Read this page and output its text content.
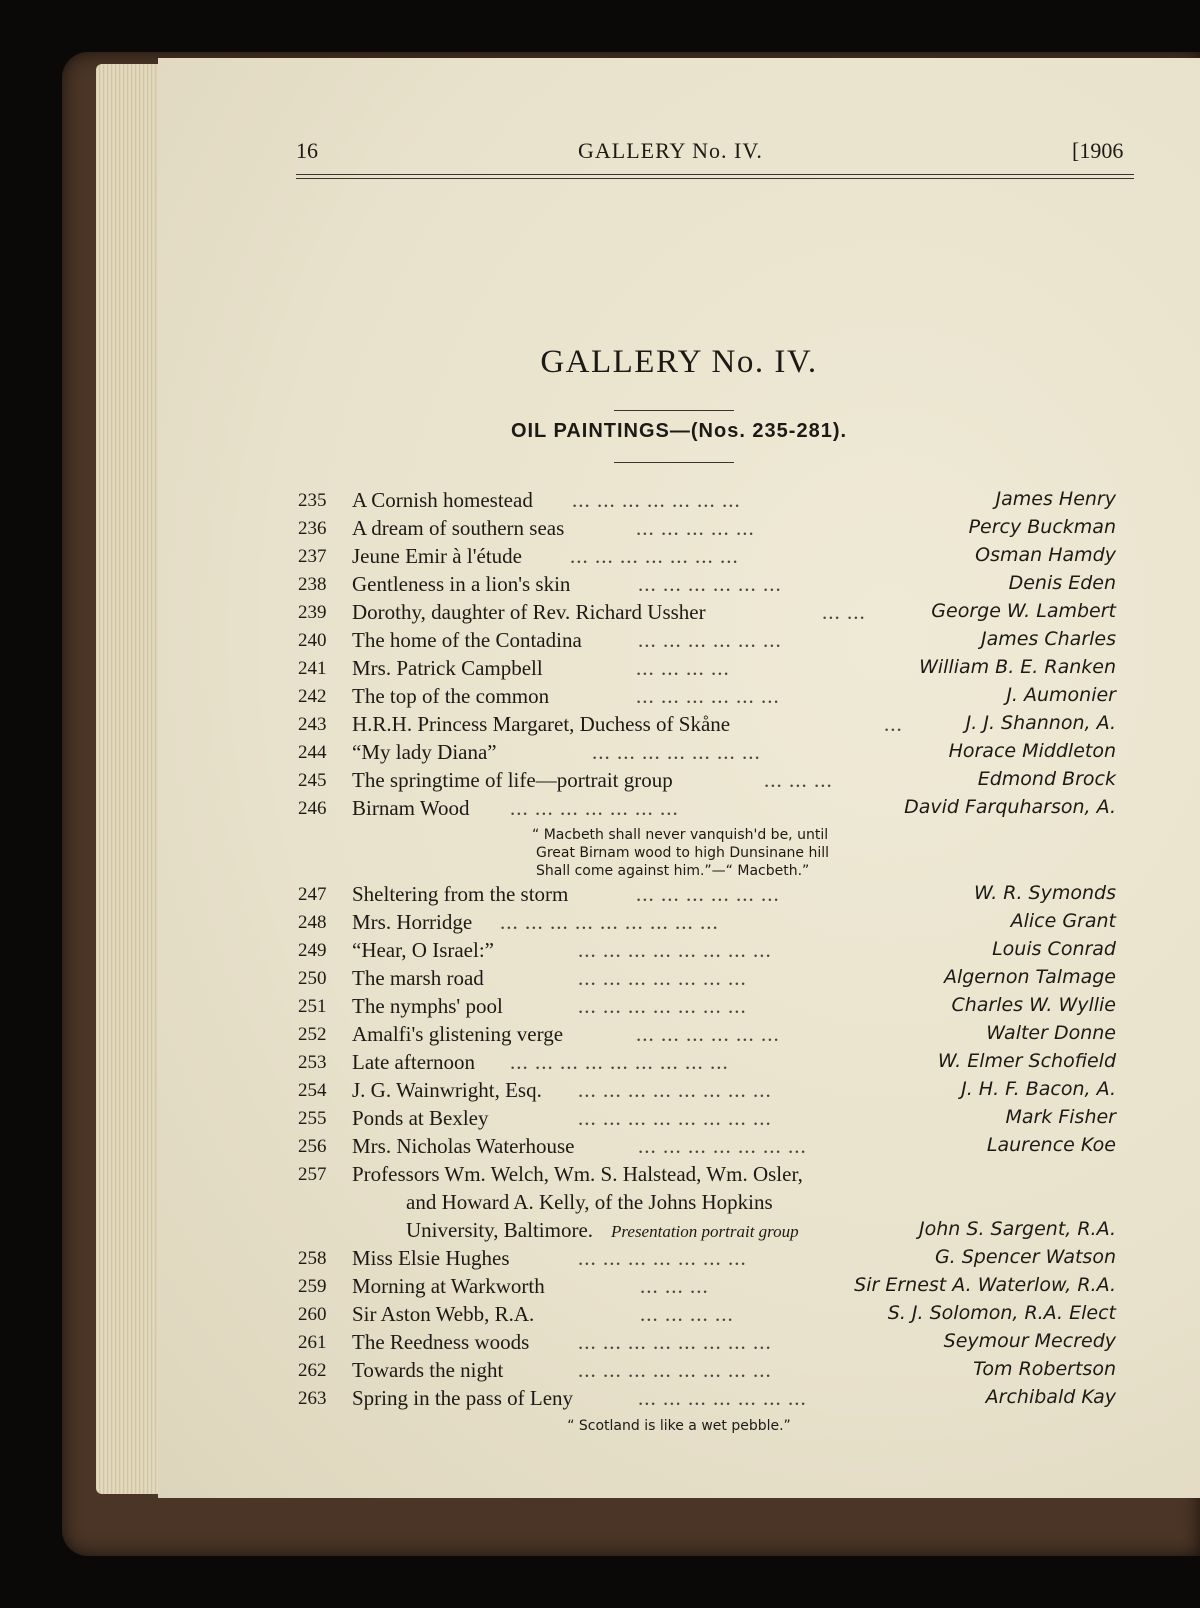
16	GALLERY No. IV.	[1906
GALLERY No. IV.
OIL PAINTINGS—(Nos. 235-281).
235 A Cornish homestead ... ... ... ... ... ... ...	James Henry
236 A dream of southern seas	... ... ... ... ...	Percy Buckman
237 Jeune Emir à l'étude ... ... ... ... ... ... ...	Osman Hamdy
238 Gentleness in a lion's skin	... ... ... ... ... ...	Denis Eden
239 Dorothy, daughter of Rev. Richard Ussher	... ...	George W. Lambert
240 The home of the Contadina	... ... ... ... ... ...	James Charles
241 Mrs. Patrick Campbell	... ... ... ...	William B. E. Ranken
242 The top of the common	... ... ... ... ... ...	J. Aumonier
243 H.R.H. Princess Margaret, Duchess of Skåne	...	J. J. Shannon, A.
244 “My lady Diana”	... ... ... ... ... ... ...	Horace Middleton
245 The springtime of life—portrait group	... ... ...	Edmond Brock
246 Birnam Wood ... ... ... ... ... ... ...	David Farquharson, A.
“ Macbeth shall never vanquish'd be, until
Great Birnam wood to high Dunsinane hill
Shall come against him.”—“ Macbeth.”
247 Sheltering from the storm	... ... ... ... ... ...	W. R. Symonds
248 Mrs. Horridge ... ... ... ... ... ... ... ... ...	Alice Grant
249 “Hear, O Israel:”	... ... ... ... ... ... ... ...	Louis Conrad
250 The marsh road	... ... ... ... ... ... ...	Algernon Talmage
251 The nymphs' pool	... ... ... ... ... ... ...	Charles W. Wyllie
252 Amalfi's glistening verge	... ... ... ... ... ...	Walter Donne
253 Late afternoon ... ... ... ... ... ... ... ... ...	W. Elmer Schofield
254 J. G. Wainwright, Esq. ... ... ... ... ... ... ... ...	J. H. F. Bacon, A.
255 Ponds at Bexley	... ... ... ... ... ... ... ...	Mark Fisher
256 Mrs. Nicholas Waterhouse	... ... ... ... ... ... ...	Laurence Koe
257 Professors Wm. Welch, Wm. S. Halstead, Wm. Osler,
and Howard A. Kelly, of the Johns Hopkins
University, Baltimore. Presentation portrait group	John S. Sargent, R.A.
258 Miss Elsie Hughes	... ... ... ... ... ... ...	G. Spencer Watson
259 Morning at Warkworth	... ... ...	Sir Ernest A. Waterlow, R.A.
260 Sir Aston Webb, R.A.	... ... ... ...	S. J. Solomon, R.A. Elect
261 The Reedness woods ... ... ... ... ... ... ... ...	Seymour Mecredy
262 Towards the night	... ... ... ... ... ... ... ...	Tom Robertson
263 Spring in the pass of Leny	... ... ... ... ... ... ...	Archibald Kay
“ Scotland is like a wet pebble.”
